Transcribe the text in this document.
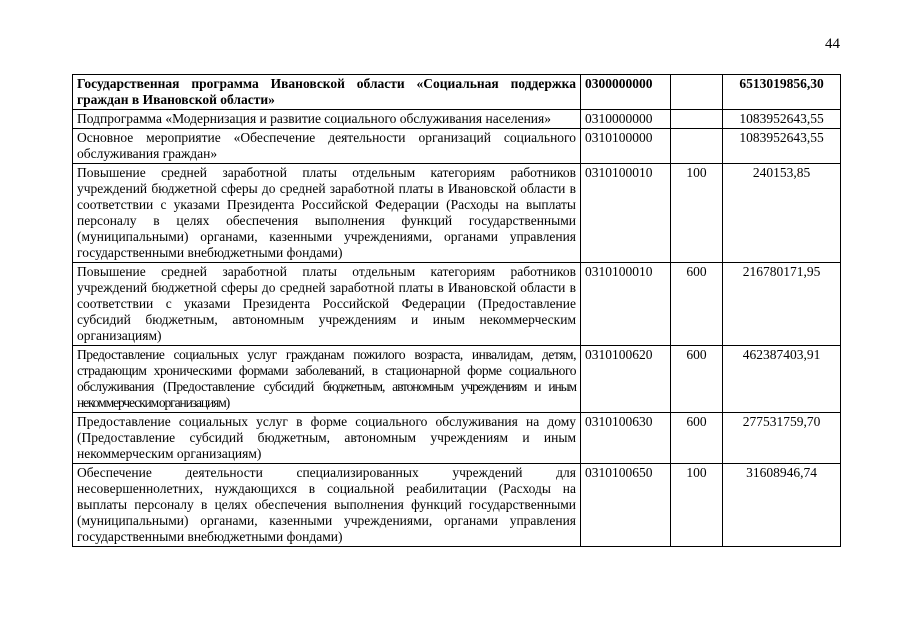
44
Государственная программа Ивановской области «Социальная поддержка граждан в Ивановской области»	0300000000		6513019856,30
Подпрограмма «Модернизация и развитие социального обслуживания населения»	0310000000		1083952643,55
Основное мероприятие «Обеспечение деятельности организаций социального обслуживания граждан»	0310100000		1083952643,55
Повышение средней заработной платы отдельным категориям работников учреждений бюджетной сферы до средней заработной платы в Ивановской области в соответствии с указами Президента Российской Федерации (Расходы на выплаты персоналу в целях обеспечения выполнения функций государственными (муниципальными) органами, казенными учреждениями, органами управления государственными внебюджетными фондами)	0310100010	100	240153,85
Повышение средней заработной платы отдельным категориям работников учреждений бюджетной сферы до средней заработной платы в Ивановской области в соответствии с указами Президента Российской Федерации (Предоставление субсидий бюджетным, автономным учреждениям и иным некоммерческим организациям)	0310100010	600	216780171,95
Предоставление социальных услуг гражданам пожилого возраста, инвалидам, детям, страдающим хроническими формами заболеваний, в стационарной форме социального обслуживания (Предоставление субсидий бюджетным, автономным учреждениям и иным некоммерческим организациям)	0310100620	600	462387403,91
Предоставление социальных услуг в форме социального обслуживания на дому (Предоставление субсидий бюджетным, автономным учреждениям и иным некоммерческим организациям)	0310100630	600	277531759,70
Обеспечение деятельности специализированных учреждений для несовершеннолетних, нуждающихся в социальной реабилитации (Расходы на выплаты персоналу в целях обеспечения выполнения функций государственными (муниципальными) органами, казенными учреждениями, органами управления государственными внебюджетными фондами)	0310100650	100	31608946,74
